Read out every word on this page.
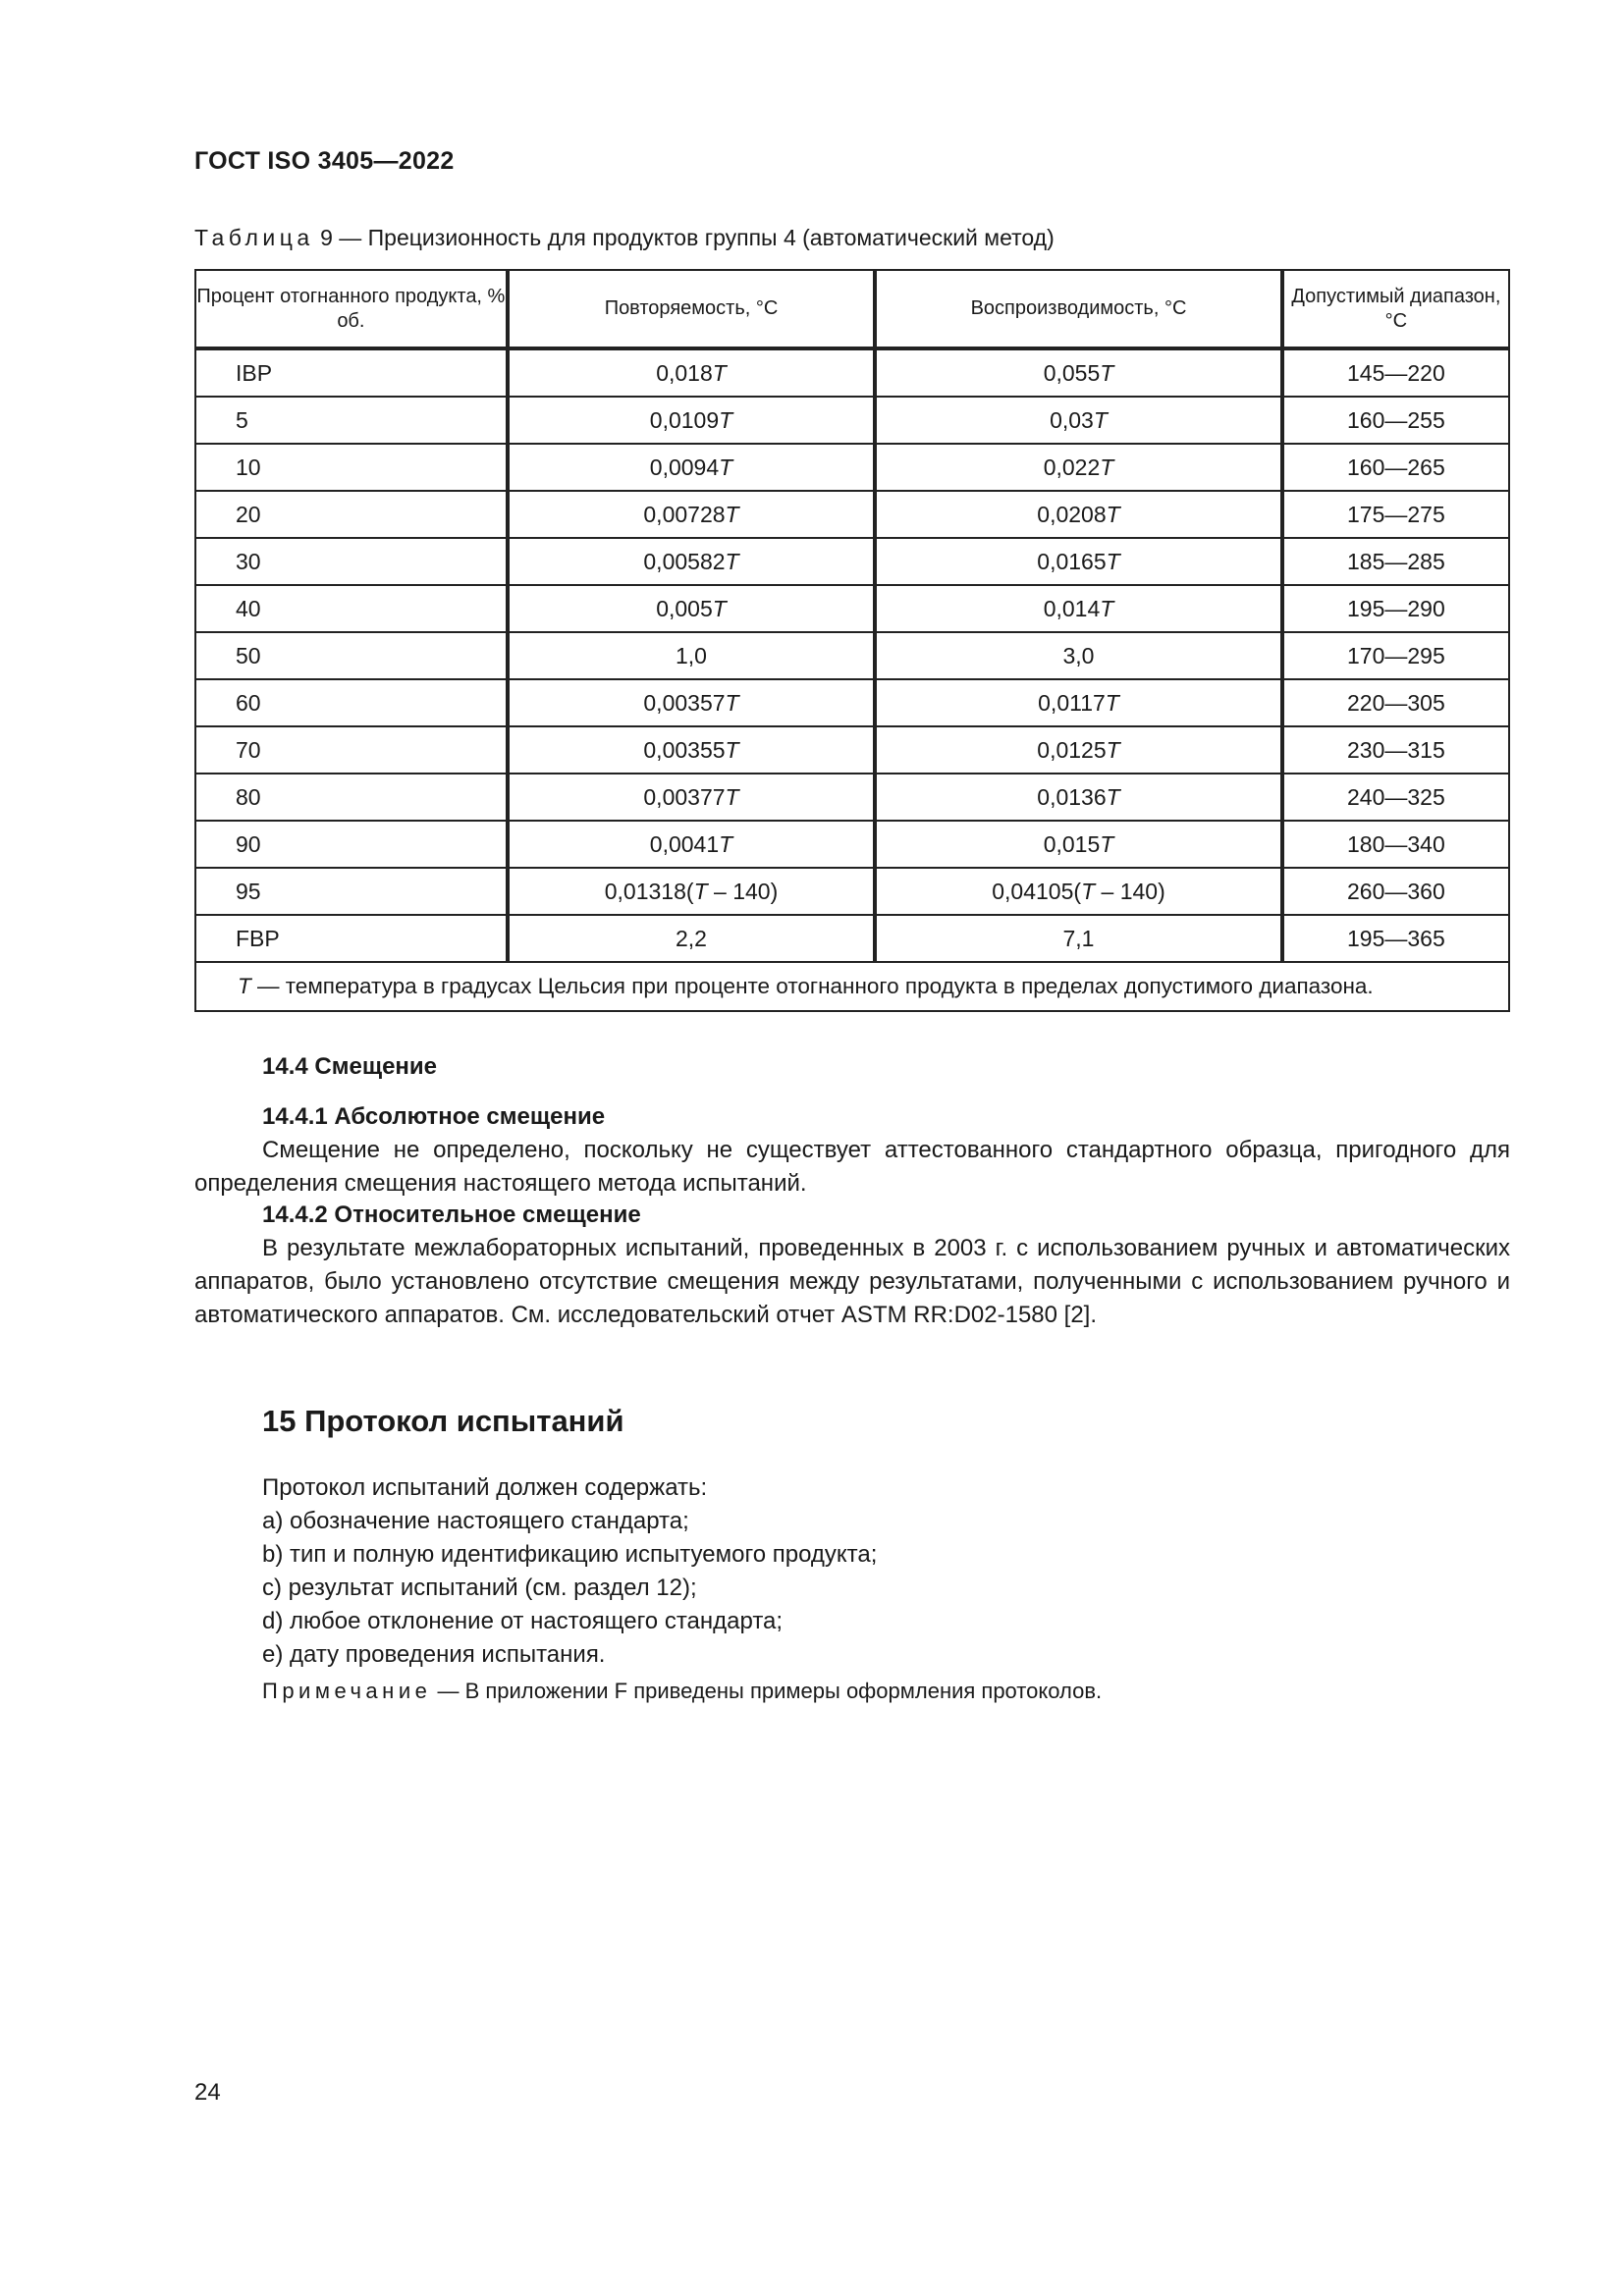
ГОСТ ISO 3405—2022
Таблица 9 — Прецизионность для продуктов группы 4 (автоматический метод)
Процент отогнанного продукта, % об.	Повторяемость, °С	Воспроизводимость, °С	Допустимый диапазон, °С
IBP	0,018T	0,055T	145—220
5	0,0109T	0,03T	160—255
10	0,0094T	0,022T	160—265
20	0,00728T	0,0208T	175—275
30	0,00582T	0,0165T	185—285
40	0,005T	0,014T	195—290
50	1,0	3,0	170—295
60	0,00357T	0,0117T	220—305
70	0,00355T	0,0125T	230—315
80	0,00377T	0,0136T	240—325
90	0,0041T	0,015T	180—340
95	0,01318(T – 140)	0,04105(T – 140)	260—360
FBP	2,2	7,1	195—365
T — температура в градусах Цельсия при проценте отогнанного продукта в пределах допустимого диапазона.			
14.4 Смещение
14.4.1 Абсолютное смещение
Смещение не определено, поскольку не существует аттестованного стандартного образца, пригодного для определения смещения настоящего метода испытаний.
14.4.2 Относительное смещение
В результате межлабораторных испытаний, проведенных в 2003 г. с использованием ручных и автоматических аппаратов, было установлено отсутствие смещения между результатами, полученными с использованием ручного и автоматического аппаратов. См. исследовательский отчет ASTM RR:D02-1580 [2].
15 Протокол испытаний
Протокол испытаний должен содержать:
a) обозначение настоящего стандарта;
b) тип и полную идентификацию испытуемого продукта;
c) результат испытаний (см. раздел 12);
d) любое отклонение от настоящего стандарта;
e) дату проведения испытания.
Примечание — В приложении F приведены примеры оформления протоколов.
24
